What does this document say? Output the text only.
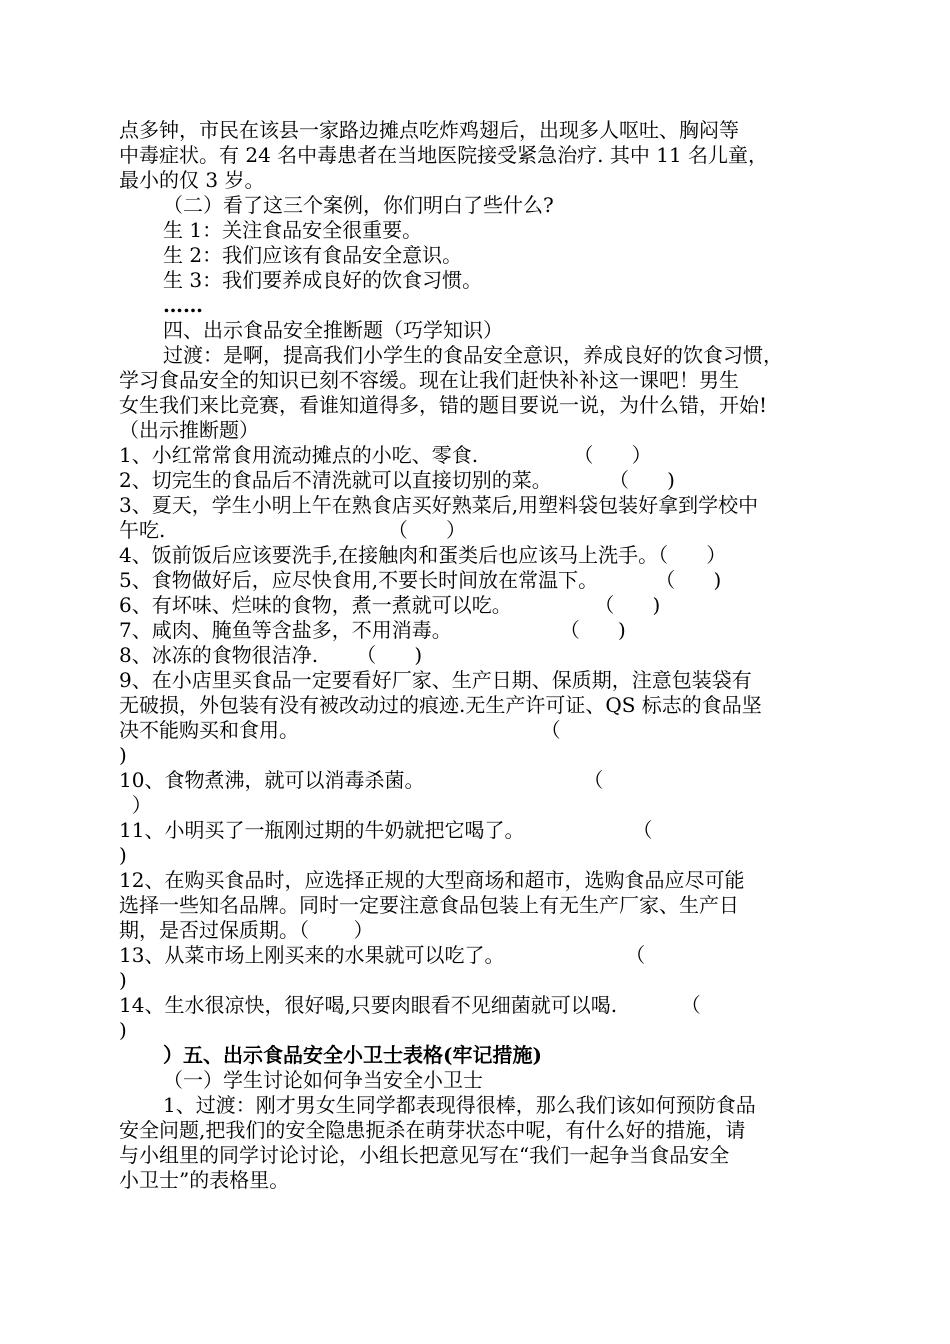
点多钟，市民在该县一家路边摊点吃炸鸡翅后，出现多人呕吐、胸闷等
中毒症状。有 24 名中毒患者在当地医院接受紧急治疗. 其中 11 名儿童，
最小的仅 3 岁。
（二）看了这三个案例，你们明白了些什么?
生 1：关注食品安全很重要。
生 2：我们应该有食品安全意识。
生 3：我们要养成良好的饮食习惯。
……
四、出示食品安全推断题（巧学知识）
过渡：是啊，提高我们小学生的食品安全意识，养成良好的饮食习惯，
学习食品安全的知识已刻不容缓。现在让我们赶快补补这一课吧！男生
女生我们来比竞赛，看谁知道得多，错的题目要说一说，为什么错，开始!
（出示推断题）
1、小红常常食用流动摊点的小吃、零食.               （      ）
2、切完生的食品后不清洗就可以直接切别的菜。         （      )
3、夏天，学生小明上午在熟食店买好熟菜后,用塑料袋包装好拿到学校中
午吃.                                   （      ）
4、饭前饭后应该要洗手,在接触肉和蛋类后也应该马上洗手。（      ）
5、食物做好后，应尽快食用,不要长时间放在常温下。         （      )
6、有坏味、烂味的食物，煮一煮就可以吃。             （      )
7、咸肉、腌鱼等含盐多，不用消毒。                 （      )
8、冰冻的食物很洁净.      （      )
9、在小店里买食品一定要看好厂家、生产日期、保质期，注意包装袋有
无破损，外包装有没有被改动过的痕迹.无生产许可证、QS 标志的食品坚
决不能购买和食用。                                      （
)
10、食物煮沸，就可以消毒杀菌。                         （
）
11、小明买了一瓶刚过期的牛奶就把它喝了。                 （
)
12、在购买食品时，应选择正规的大型商场和超市，选购食品应尽可能
选择一些知名品牌。同时一定要注意食品包装上有无生产厂家、生产日
期，是否过保质期。（       ）
13、从菜市场上刚买来的水果就可以吃了。                   （
)
14、生水很凉快，很好喝,只要肉眼看不见细菌就可以喝.          （
)
）五、出示食品安全小卫士表格(牢记措施)
（一）学生讨论如何争当安全小卫士
1、过渡：刚才男女生同学都表现得很棒，那么我们该如何预防食品
安全问题,把我们的安全隐患扼杀在萌芽状态中呢，有什么好的措施，请
与小组里的同学讨论讨论，小组长把意见写在“我们一起争当食品安全
小卫士”的表格里。
